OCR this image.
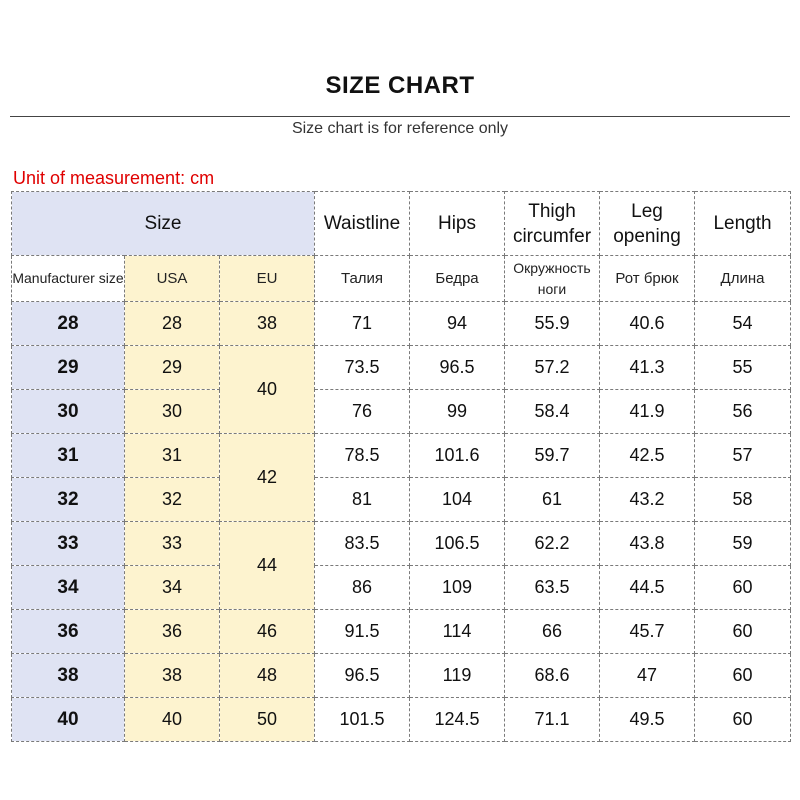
SIZE CHART
Size chart is for reference only
Unit of measurement: cm
Size			Waistline	Hips	Thigh circumfer	Leg opening	Length
Manufacturer size	USA	EU	Талия	Бедра	Окружность ноги	Рот брюк	Длина
28	28	38	71	94	55.9	40.6	54
29	29	40	73.5	96.5	57.2	41.3	55
30	30		76	99	58.4	41.9	56
31	31	42	78.5	101.6	59.7	42.5	57
32	32		81	104	61	43.2	58
33	33	44	83.5	106.5	62.2	43.8	59
34	34		86	109	63.5	44.5	60
36	36	46	91.5	114	66	45.7	60
38	38	48	96.5	119	68.6	47	60
40	40	50	101.5	124.5	71.1	49.5	60
